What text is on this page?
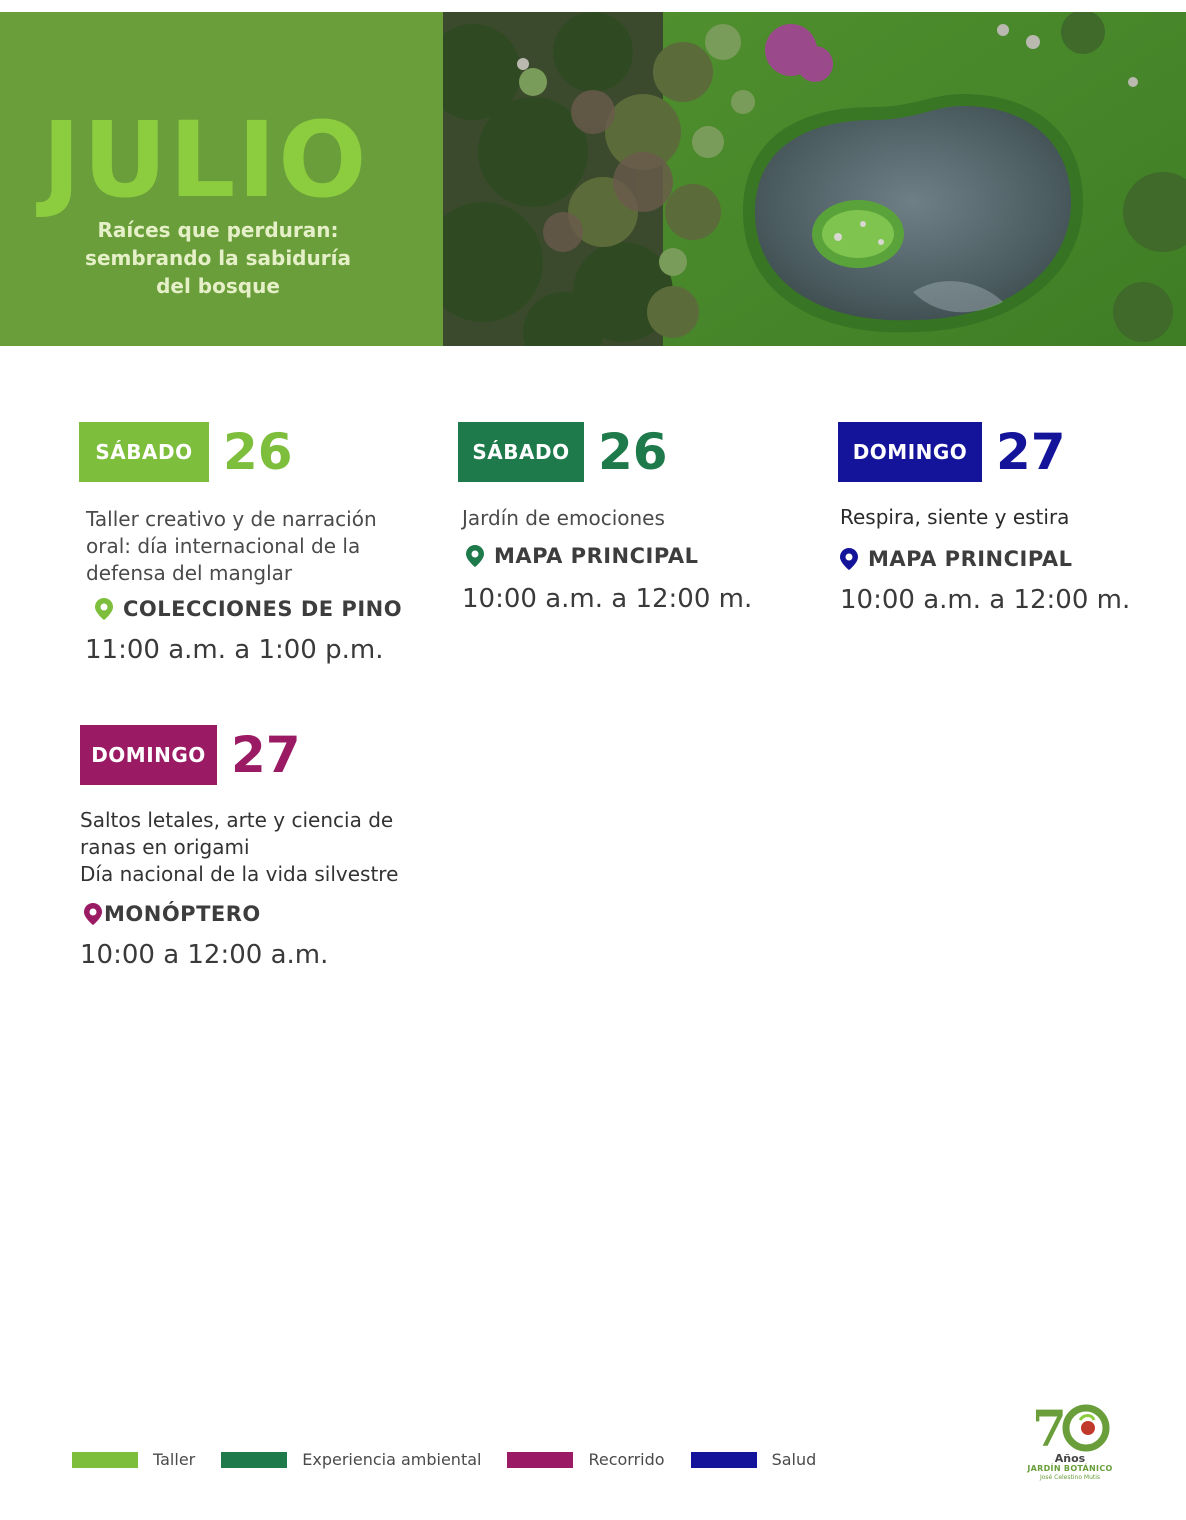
JULIO
Raíces que perduran:
sembrando la sabiduría
del bosque
SÁBADO 26
Taller creativo y de narración
oral: día internacional de la
defensa del manglar
COLECCIONES DE PINO
11:00 a.m. a 1:00 p.m.
SÁBADO 26
Jardín de emociones
MAPA PRINCIPAL
10:00 a.m. a 12:00 m.
DOMINGO 27
Respira, siente y estira
MAPA PRINCIPAL
10:00 a.m. a 12:00 m.
DOMINGO 27
Saltos letales, arte y ciencia de
ranas en origami
Día nacional de la vida silvestre
MONÓPTERO
10:00 a 12:00 a.m.
Taller	Experiencia ambiental	Recorrido	Salud
7
Años
JARDÍN BOTÁNICO
José Celestino Mutis
